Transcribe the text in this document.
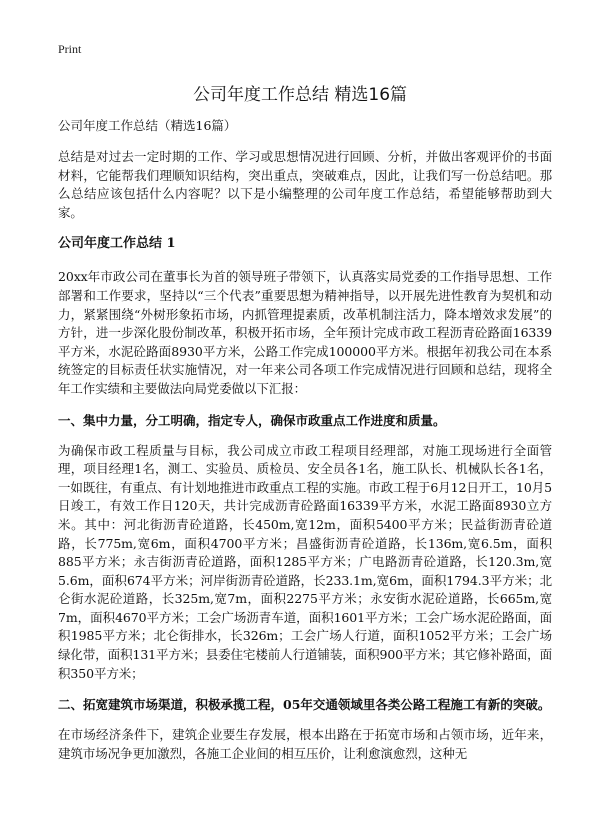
Print
公司年度工作总结 精选16篇
公司年度工作总结（精选16篇）

总结是对过去一定时期的工作、学习或思想情况进行回顾、分析，并做出客观评价的书面材料，它能帮我们理顺知识结构，突出重点，突破难点，因此，让我们写一份总结吧。那么总结应该包括什么内容呢？以下是小编整理的公司年度工作总结，希望能够帮助到大家。

公司年度工作总结 1

20xx年市政公司在董事长为首的领导班子带领下，认真落实局党委的工作指导思想、工作部署和工作要求，坚持以“三个代表”重要思想为精神指导，以开展先进性教育为契机和动力，紧紧围绕“外树形象拓市场，内抓管理提素质，改革机制注活力，降本增效求发展”的方针，进一步深化股份制改革，积极开拓市场，全年预计完成市政工程沥青砼路面16339平方米，水泥砼路面8930平方米，公路工作完成100000平方米。根据年初我公司在本系统签定的目标责任状实施情况，对一年来公司各项工作完成情况进行回顾和总结，现将全年工作实绩和主要做法向局党委做以下汇报：

一、集中力量，分工明确，指定专人，确保市政重点工作进度和质量。

为确保市政工程质量与目标，我公司成立市政工程项目经理部，对施工现场进行全面管理，项目经理1名，测工、实验员、质检员、安全员各1名，施工队长、机械队长各1名，一如既往，有重点、有计划地推进市政重点工程的实施。市政工程于6月12日开工，10月5日竣工，有效工作日120天，共计完成沥青砼路面16339平方米，水泥工路面8930立方米。其中：河北街沥青砼道路，长450m,宽12m，面积5400平方米；民益街沥青砼道路，长775m,宽6m，面积4700平方米；昌盛街沥青砼道路，长136m,宽6.5m，面积885平方米；永吉街沥青砼道路，面积1285平方米；广电路沥青砼道路，长120.3m,宽5.6m，面积674平方米；河岸街沥青砼道路，长233.1m,宽6m，面积1794.3平方米；北仑街水泥砼道路，长325m,宽7m，面积2275平方米；永安街水泥砼道路，长665m,宽7m，面积4670平方米；工会广场沥青车道，面积1601平方米；工会广场水泥砼路面，面积1985平方米；北仑街排水，长326m；工会广场人行道，面积1052平方米；工会广场绿化带，面积131平方米；县委住宅楼前人行道铺装，面积900平方米；其它修补路面，面积350平方米；

二、拓宽建筑市场渠道，积极承揽工程，05年交通领域里各类公路工程施工有新的突破。

在市场经济条件下，建筑企业要生存发展，根本出路在于拓宽市场和占领市场，近年来，建筑市场况争更加激烈，各施工企业间的相互压价，让利愈演愈烈，这种无
